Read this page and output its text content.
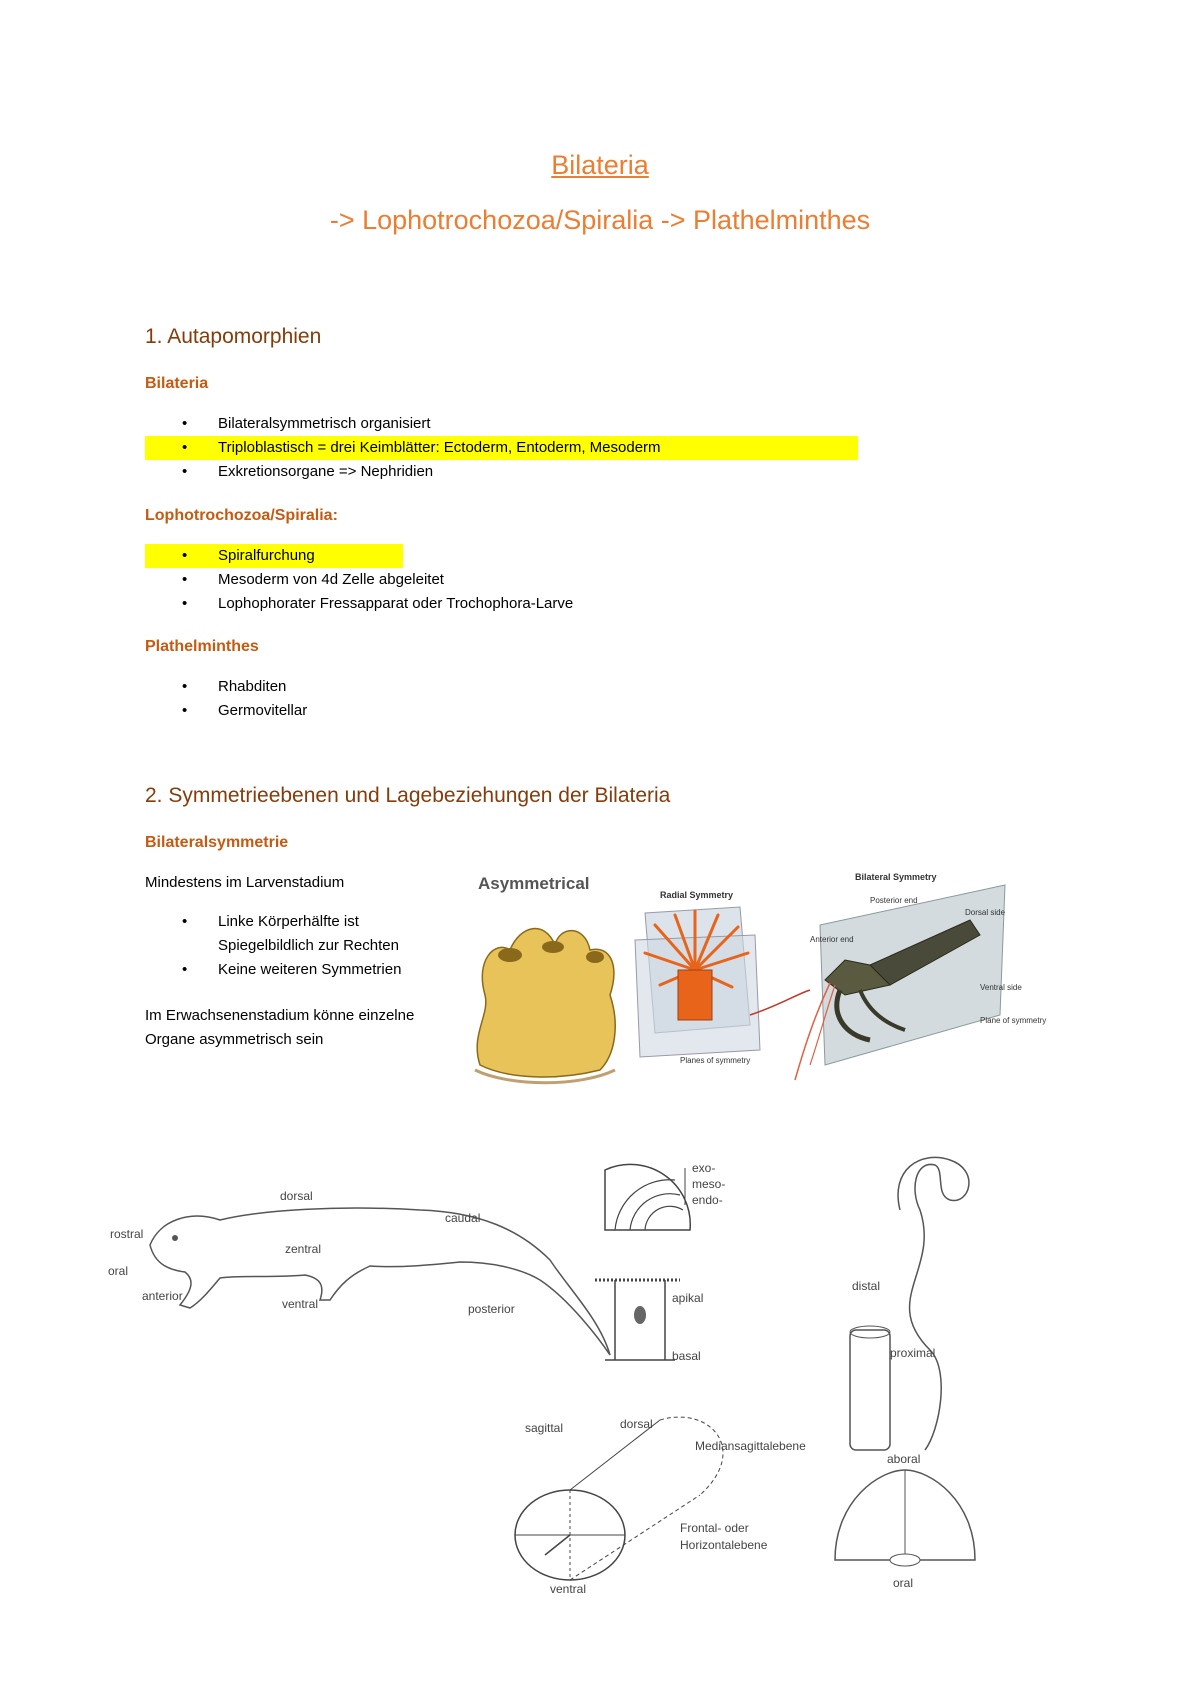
Bilateria
-> Lophotrochozoa/Spiralia -> Plathelminthes
1. Autapomorphien
Bilateria
• Bilateralsymmetrisch organisiert
• Triploblastisch = drei Keimblätter: Ectoderm, Entoderm, Mesoderm
• Exkretionsorgane => Nephridien
Lophotrochozoa/Spiralia:
• Spiralfurchung
• Mesoderm von 4d Zelle abgeleitet
• Lophophorater Fressapparat oder Trochophora-Larve
Plathelminthes
• Rhabditen
• Germovitellar
2. Symmetrieebenen und Lagebeziehungen der Bilateria
Bilateralsymmetrie
Mindestens im Larvenstadium
• Linke Körperhälfte ist Spiegelbildlich zur Rechten
• Keine weiteren Symmetrien
Im Erwachsenenstadium könne einzelne Organe asymmetrisch sein
Asymmetrical
Radial Symmetry
Planes of symmetry
Bilateral Symmetry
Posterior end
Dorsal side
Anterior end
Ventral side
Plane of symmetry
dorsal
rostral
oral
zentral
caudal
anterior
ventral	posterior
exo-
meso-
endo-
apikal
basal
sagittal	dorsal
Mediansagittalebene
Frontal- oder
Horizontalebene
ventral
distal
proximal
aboral
oral
